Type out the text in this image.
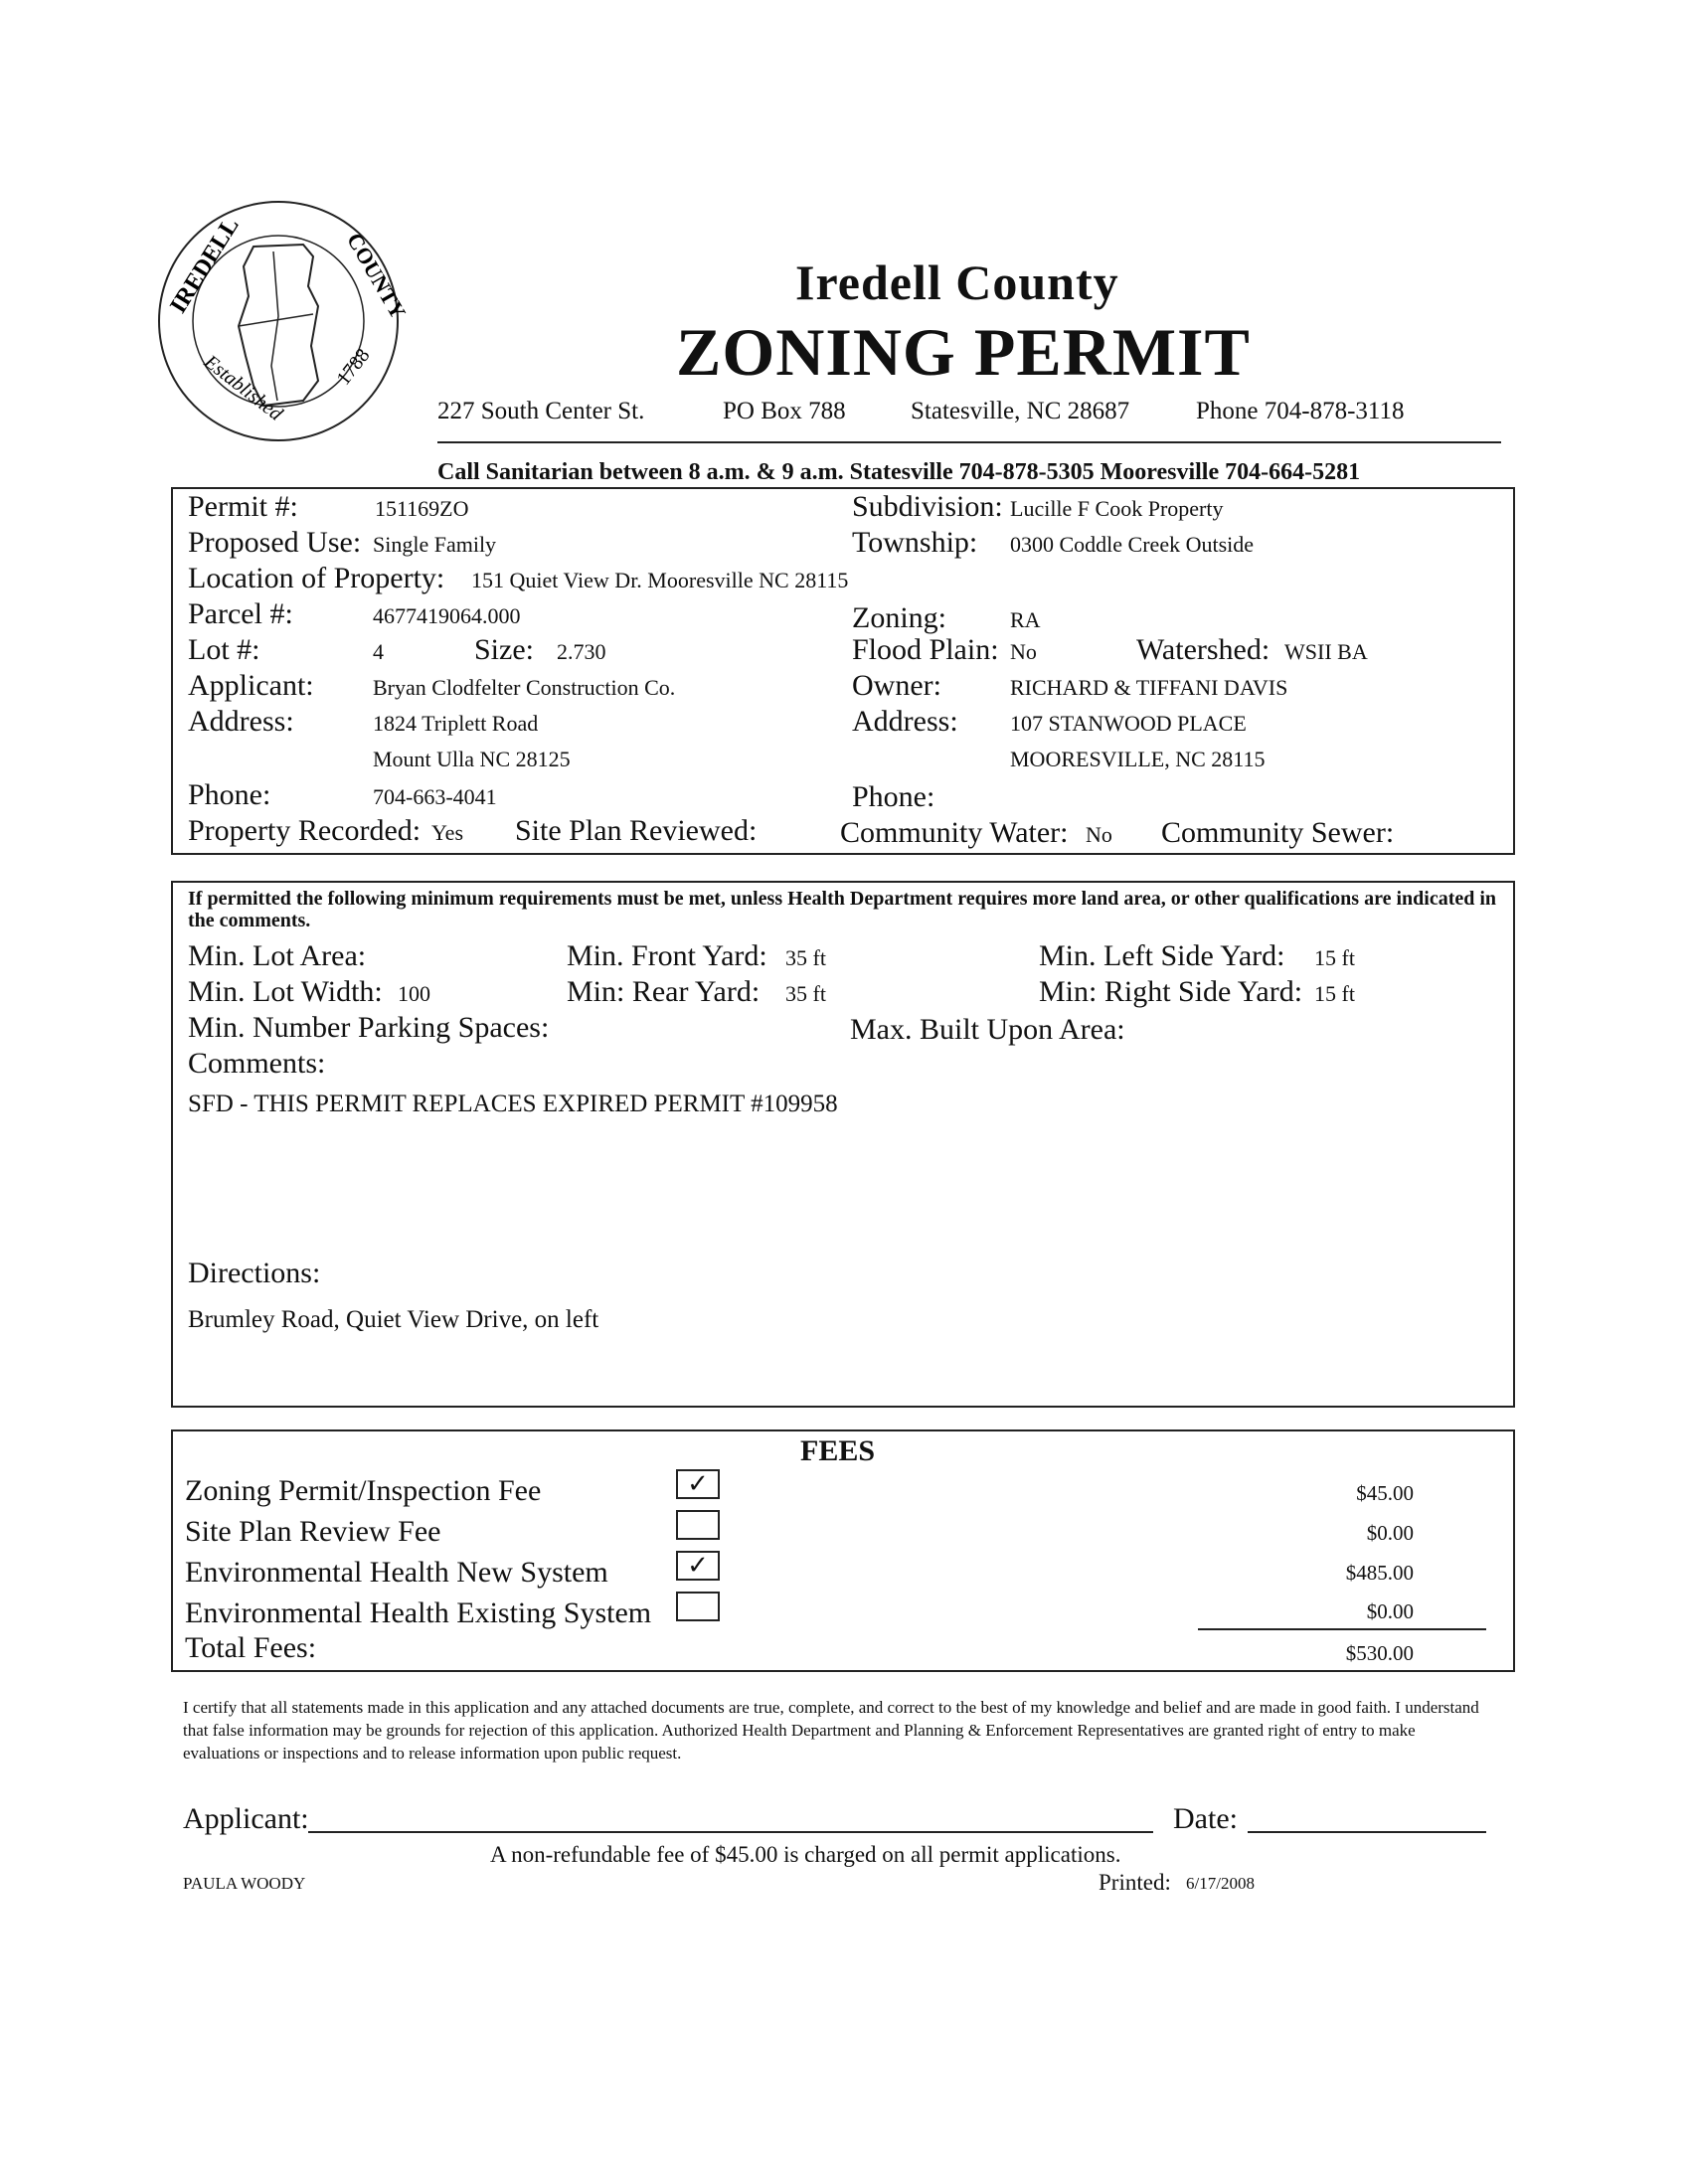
IREDELL	COUNTY
Established 1788
Iredell County
ZONING PERMIT
227 South Center St.	PO Box 788	Statesville, NC 28687	Phone 704-878-3118
Call Sanitarian between 8 a.m. & 9 a.m. Statesville 704-878-5305 Mooresville 704-664-5281
Permit #:	151169ZO	Subdivision: Lucille F Cook Property
Proposed Use: Single Family	Township: 0300 Coddle Creek Outside
Location of Property: 151 Quiet View Dr. Mooresville NC 28115
Parcel #:	4677419064.000	Zoning:	RA
Lot #:	4	Size: 2.730	Flood Plain: No	Watershed: WSII BA
Applicant:	Bryan Clodfelter Construction Co.	Owner:	RICHARD & TIFFANI DAVIS
Address:	1824 Triplett Road
Mount Ulla NC 28125
Address: 107 STANWOOD PLACE
MOORESVILLE, NC 28115
Phone:	704-663-4041	Phone:
Property Recorded: Yes Site Plan Reviewed:	Community Water: No Community Sewer:
If permitted the following minimum requirements must be met, unless Health Department requires more land area, or other qualifications are indicated in the comments.
Min. Lot Area:	Min. Front Yard: 35 ft	Min. Left Side Yard: 15 ft
Min. Lot Width: 100	Min: Rear Yard: 35 ft	Min: Right Side Yard: 15 ft
Min. Number Parking Spaces:	Max. Built Upon Area:
Comments:
SFD - THIS PERMIT REPLACES EXPIRED PERMIT #109958
Directions:
Brumley Road, Quiet View Drive, on left
FEES
Zoning Permit/Inspection Fee	✓	$45.00
Site Plan Review Fee	$0.00
Environmental Health New System	✓	$485.00
Environmental Health Existing System	$0.00
Total Fees:	$530.00
I certify that all statements made in this application and any attached documents are true, complete, and correct to the best of my knowledge and belief and are made in good faith. I understand that false information may be grounds for rejection of this application. Authorized Health Department and Planning & Enforcement Representatives are granted right of entry to make evaluations or inspections and to release information upon public request.
Applicant:	Date:
A non-refundable fee of $45.00 is charged on all permit applications.
PAULA WOODY	Printed: 6/17/2008
